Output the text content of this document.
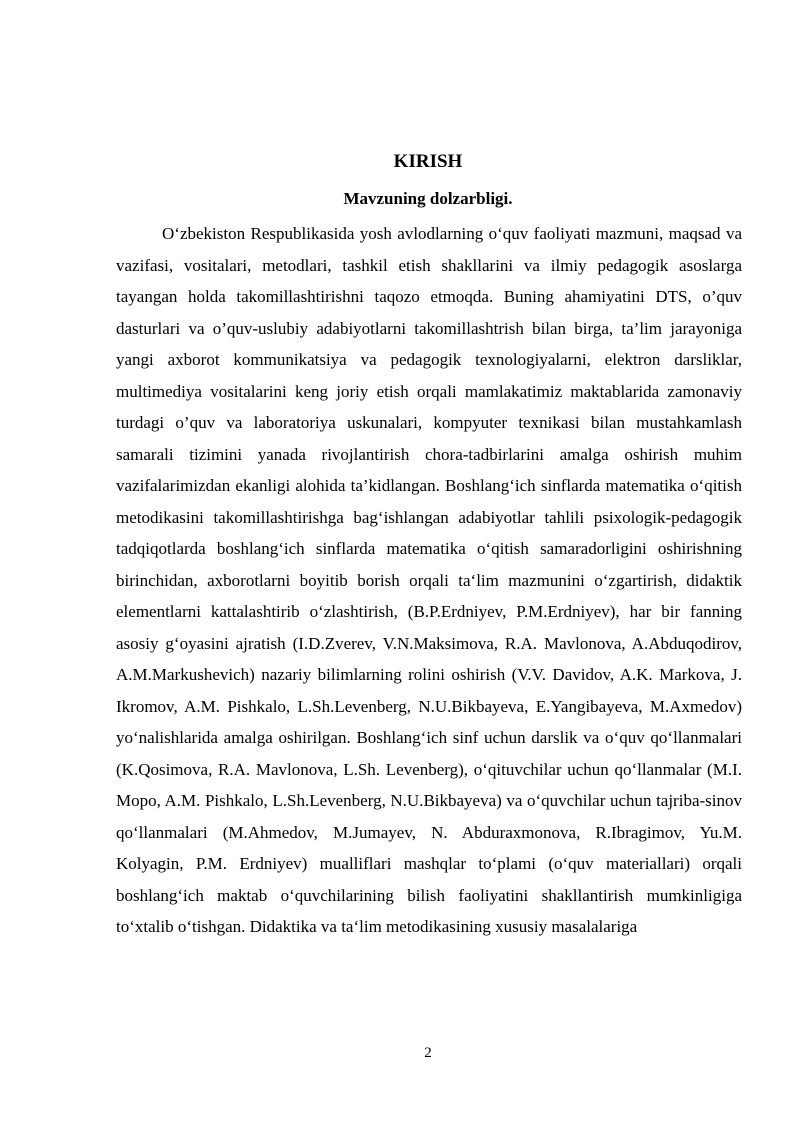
KIRISH
Mavzuning dolzarbligi.

O‘zbekiston Respublikasida yosh avlodlarning o‘quv faoliyati mazmuni, maqsad va vazifasi, vositalari, metodlari, tashkil etish shakllarini va ilmiy pedagogik asoslarga tayangan holda takomillashtirishni taqozo etmoqda. Buning ahamiyatini DTS, o’quv dasturlari va o’quv-uslubiy adabiyotlarni takomillashtrish bilan birga, ta’lim jarayoniga yangi axborot kommunikatsiya va pedagogik texnologiyalarni, elektron darsliklar, multimediya vositalarini keng joriy etish orqali mamlakatimiz maktablarida zamonaviy turdagi o’quv va laboratoriya uskunalari, kompyuter texnikasi bilan mustahkamlash samarali tizimini yanada rivojlantirish chora-tadbirlarini amalga oshirish muhim vazifalarimizdan ekanligi alohida ta’kidlangan. Boshlang‘ich sinflarda matematika o‘qitish metodikasini takomillashtirishga bag‘ishlangan adabiyotlar tahlili psixologik-pedagogik tadqiqotlarda boshlang‘ich sinflarda matematika o‘qitish samaradorligini oshirishning birinchidan, axborotlarni boyitib borish orqali ta‘lim mazmunini o‘zgartirish, didaktik elementlarni kattalashtirib o‘zlashtirish, (B.P.Erdniyev, P.M.Erdniyev), har bir fanning asosiy g‘oyasini ajratish (I.D.Zverev, V.N.Maksimova, R.A. Mavlonova, A.Abduqodirov, A.M.Markushevich) nazariy bilimlarning rolini oshirish (V.V. Davidov, A.K. Markova, J. Ikromov, A.M. Pishkalo, L.Sh.Levenberg, N.U.Bikbayeva, E.Yangibayeva, M.Axmedov) yo‘nalishlarida amalga oshirilgan. Boshlang‘ich sinf uchun darslik va o‘quv qo‘llanmalari (K.Qosimova, R.A. Mavlonova, L.Sh. Levenberg), o‘qituvchilar uchun qo‘llanmalar (M.I. Mopo, A.M. Pishkalo, L.Sh.Levenberg, N.U.Bikbayeva) va o‘quvchilar uchun tajriba-sinov qo‘llanmalari (M.Ahmedov, M.Jumayev, N. Abduraxmonova, R.Ibragimov, Yu.M. Kolyagin, P.M. Erdniyev) mualliflari mashqlar to‘plami (o‘quv materiallari) orqali boshlang‘ich maktab o‘quvchilarining bilish faoliyatini shakllantirish mumkinligiga to‘xtalib o‘tishgan. Didaktika va ta‘lim metodikasining xususiy masalalariga

2
